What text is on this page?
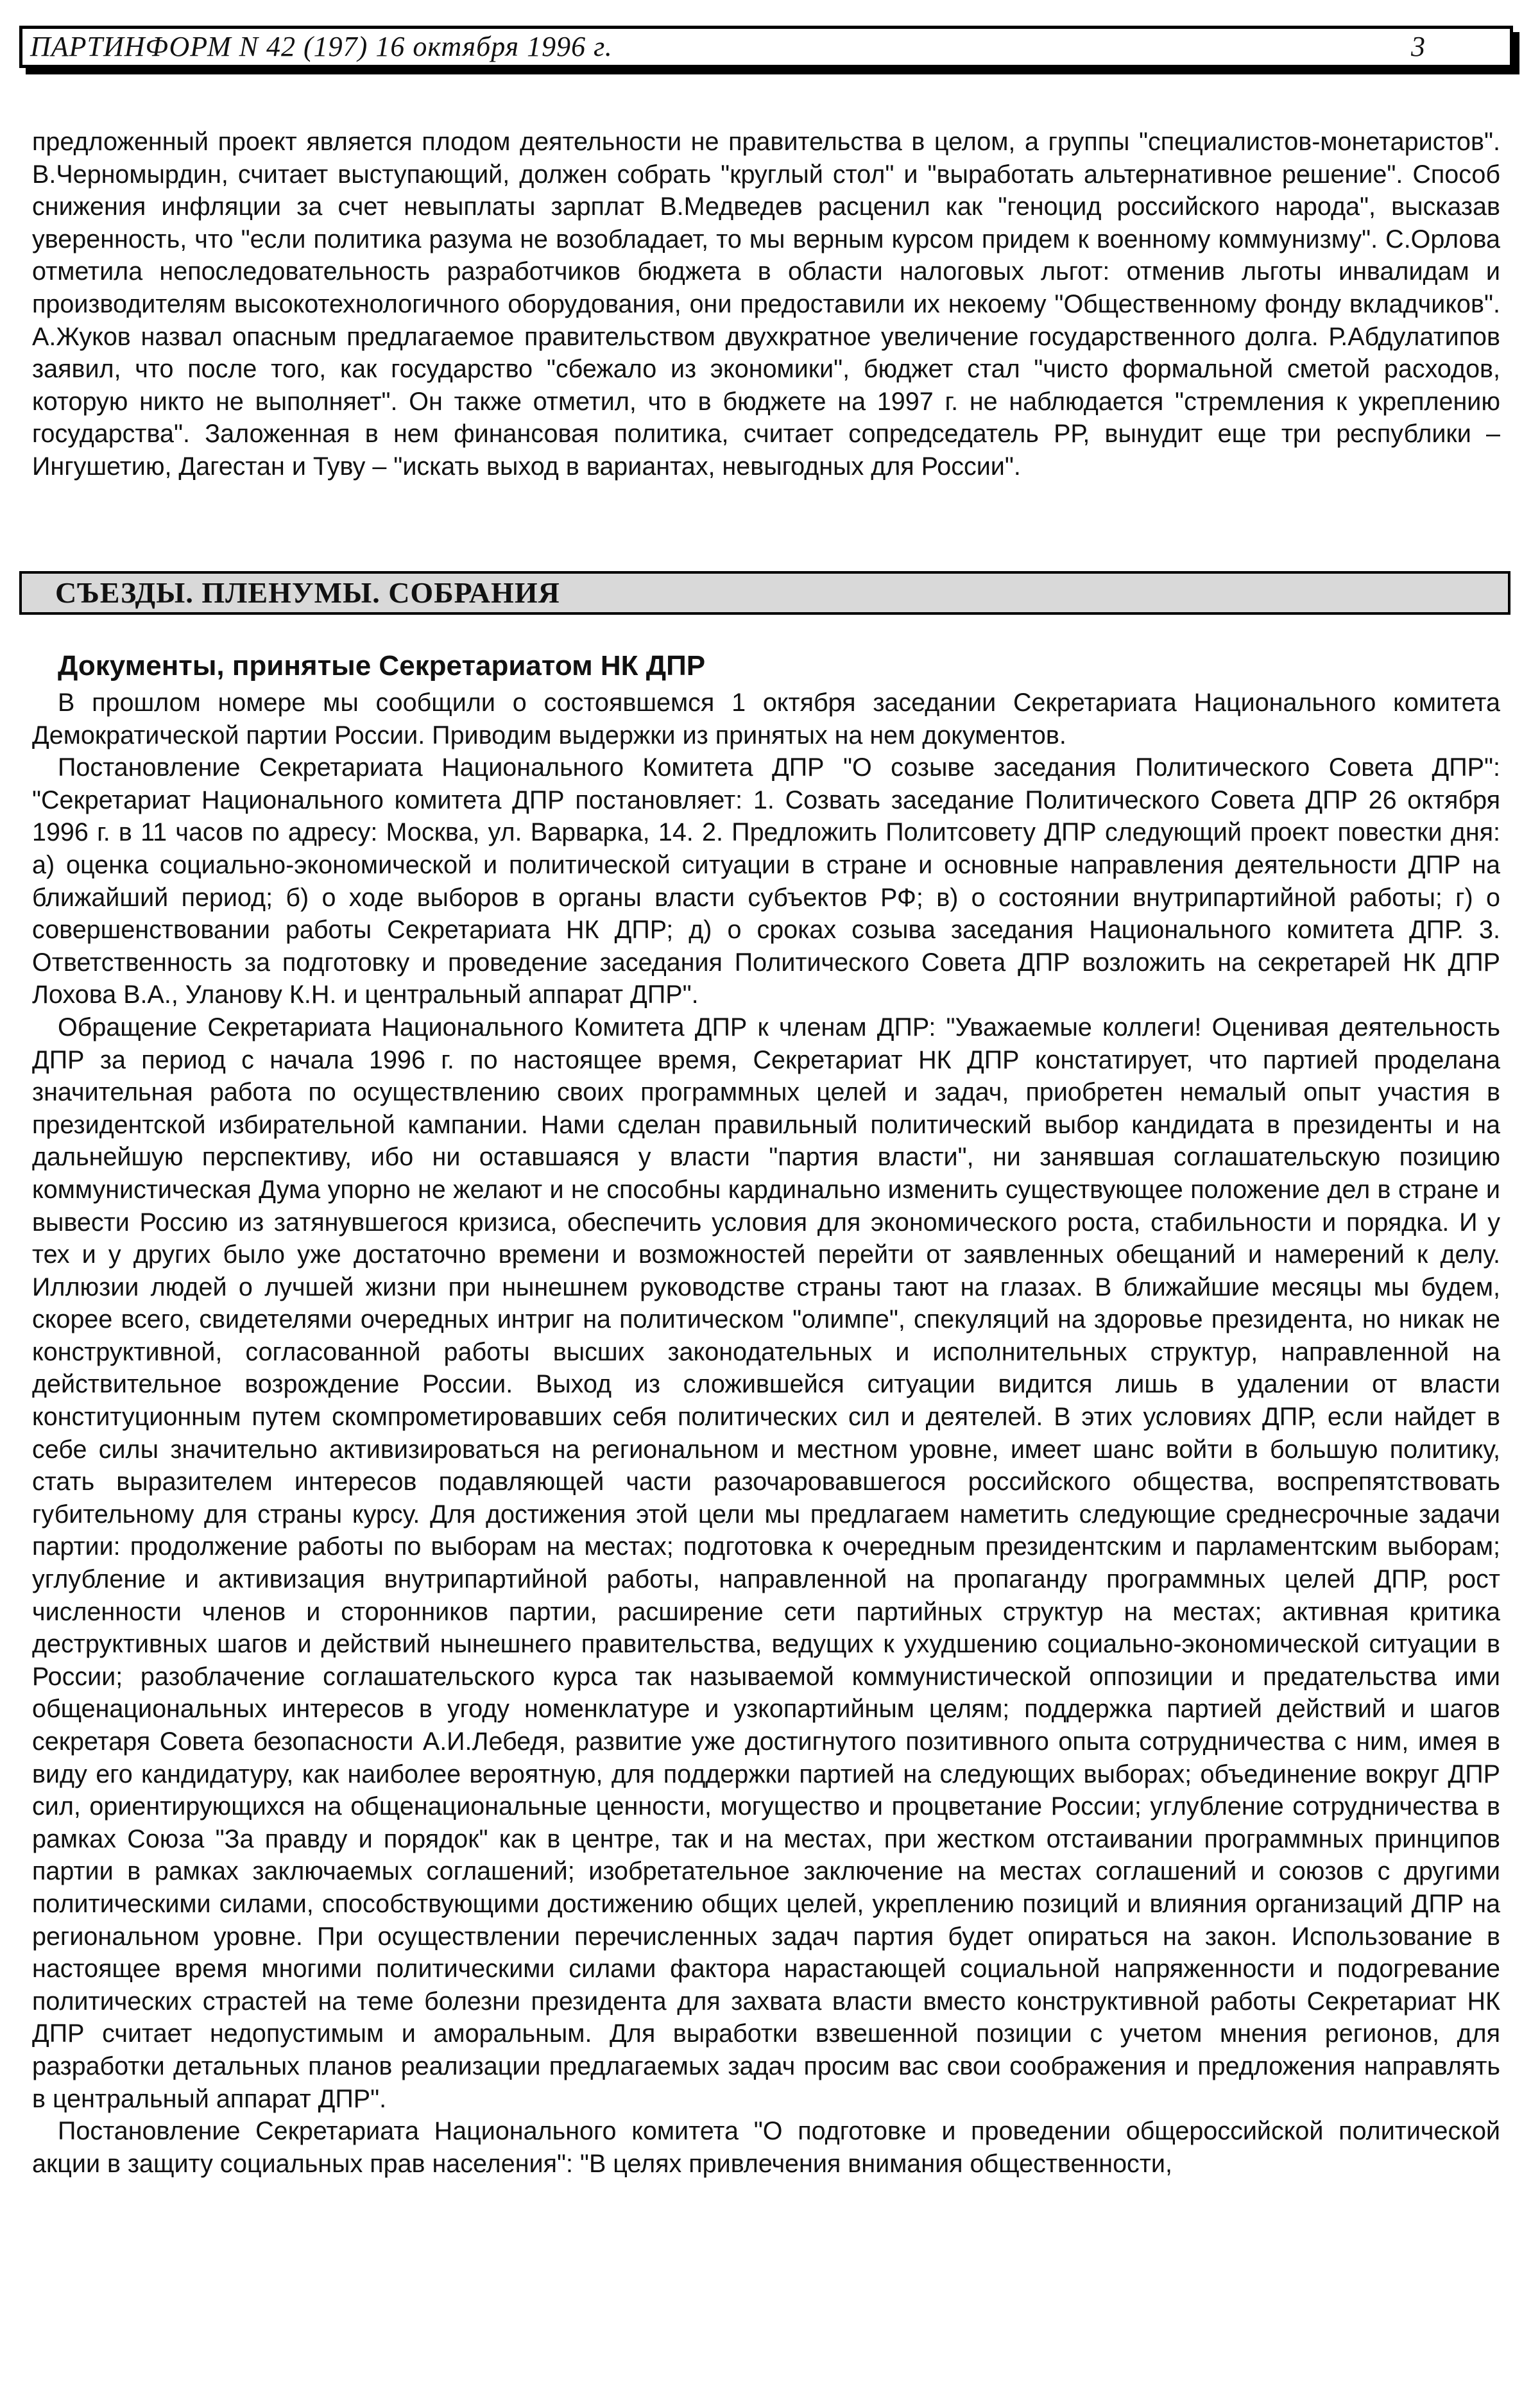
ПАРТИНФОРМ N 42 (197) 16 октября 1996 г.	3

предложенный проект является плодом деятельности не правительства в целом, а группы "специалистов-монетаристов". В.Черномырдин, считает выступающий, должен собрать "круглый стол" и "выработать альтернативное решение". Способ снижения инфляции за счет невыплаты зарплат В.Медведев расценил как "геноцид российского народа", высказав уверенность, что "если политика разума не возобладает, то мы верным курсом придем к военному коммунизму". С.Орлова отметила непоследовательность разработчиков бюджета в области налоговых льгот: отменив льготы инвалидам и производителям высокотехнологичного оборудования, они предоставили их некоему "Общественному фонду вкладчиков". А.Жуков назвал опасным предлагаемое правительством двухкратное увеличение государственного долга. Р.Абдулатипов заявил, что после того, как государство "сбежало из экономики", бюджет стал "чисто формальной сметой расходов, которую никто не выполняет". Он также отметил, что в бюджете на 1997 г. не наблюдается "стремления к укреплению государства". Заложенная в нем финансовая политика, считает сопредседатель РР, вынудит еще три республики – Ингушетию, Дагестан и Туву – "искать выход в вариантах, невыгодных для России".

СЪЕЗДЫ. ПЛЕНУМЫ. СОБРАНИЯ
Документы, принятые Секретариатом НК ДПР

В прошлом номере мы сообщили о состоявшемся 1 октября заседании Секретариата Национального комитета Демократической партии России. Приводим выдержки из принятых на нем документов.

Постановление Секретариата Национального Комитета ДПР "О созыве заседания Политического Совета ДПР": "Секретариат Национального комитета ДПР постановляет: 1. Созвать заседание Политического Совета ДПР 26 октября 1996 г. в 11 часов по адресу: Москва, ул. Варварка, 14. 2. Предложить Политсовету ДПР следующий проект повестки дня: а) оценка социально-экономической и политической ситуации в стране и основные направления деятельности ДПР на ближайший период; б) о ходе выборов в органы власти субъектов РФ; в) о состоянии внутрипартийной работы; г) о совершенствовании работы Секретариата НК ДПР; д) о сроках созыва заседания Национального комитета ДПР. 3. Ответственность за подготовку и проведение заседания Политического Совета ДПР возложить на секретарей НК ДПР Лохова В.А., Уланову К.Н. и центральный аппарат ДПР".

Обращение Секретариата Национального Комитета ДПР к членам ДПР: "Уважаемые коллеги! Оценивая деятельность ДПР за период с начала 1996 г. по настоящее время, Секретариат НК ДПР констатирует, что партией проделана значительная работа по осуществлению своих программных целей и задач, приобретен немалый опыт участия в президентской избирательной кампании. Нами сделан правильный политический выбор кандидата в президенты и на дальнейшую перспективу, ибо ни оставшаяся у власти "партия власти", ни занявшая соглашательскую позицию коммунистическая Дума упорно не желают и не способны кардинально изменить существующее положение дел в стране и вывести Россию из затянувшегося кризиса, обеспечить условия для экономического роста, стабильности и порядка. И у тех и у других было уже достаточно времени и возможностей перейти от заявленных обещаний и намерений к делу. Иллюзии людей о лучшей жизни при нынешнем руководстве страны тают на глазах. В ближайшие месяцы мы будем, скорее всего, свидетелями очередных интриг на политическом "олимпе", спекуляций на здоровье президента, но никак не конструктивной, согласованной работы высших законодательных и исполнительных структур, направленной на действительное возрождение России. Выход из сложившейся ситуации видится лишь в удалении от власти конституционным путем скомпрометировавших себя политических сил и деятелей. В этих условиях ДПР, если найдет в себе силы значительно активизироваться на региональном и местном уровне, имеет шанс войти в большую политику, стать выразителем интересов подавляющей части разочаровавшегося российского общества, воспрепятствовать губительному для страны курсу. Для достижения этой цели мы предлагаем наметить следующие среднесрочные задачи партии: продолжение работы по выборам на местах; подготовка к очередным президентским и парламентским выборам; углубление и активизация внутрипартийной работы, направленной на пропаганду программных целей ДПР, рост численности членов и сторонников партии, расширение сети партийных структур на местах; активная критика деструктивных шагов и действий нынешнего правительства, ведущих к ухудшению социально-экономической ситуации в России; разоблачение соглашательского курса так называемой коммунистической оппозиции и предательства ими общенациональных интересов в угоду номенклатуре и узкопартийным целям; поддержка партией действий и шагов секретаря Совета безопасности А.И.Лебедя, развитие уже достигнутого позитивного опыта сотрудничества с ним, имея в виду его кандидатуру, как наиболее вероятную, для поддержки партией на следующих выборах; объединение вокруг ДПР сил, ориентирующихся на общенациональные ценности, могущество и процветание России; углубление сотрудничества в рамках Союза "За правду и порядок" как в центре, так и на местах, при жестком отстаивании программных принципов партии в рамках заключаемых соглашений; изобретательное заключение на местах соглашений и союзов с другими политическими силами, способствующими достижению общих целей, укреплению позиций и влияния организаций ДПР на региональном уровне. При осуществлении перечисленных задач партия будет опираться на закон. Использование в настоящее время многими политическими силами фактора нарастающей социальной напряженности и подогревание политических страстей на теме болезни президента для захвата власти вместо конструктивной работы Секретариат НК ДПР считает недопустимым и аморальным. Для выработки взвешенной позиции с учетом мнения регионов, для разработки детальных планов реализации предлагаемых задач просим вас свои соображения и предложения направлять в центральный аппарат ДПР".

Постановление Секретариата Национального комитета "О подготовке и проведении общероссийской политической акции в защиту социальных прав населения": "В целях привлечения внимания общественности,
